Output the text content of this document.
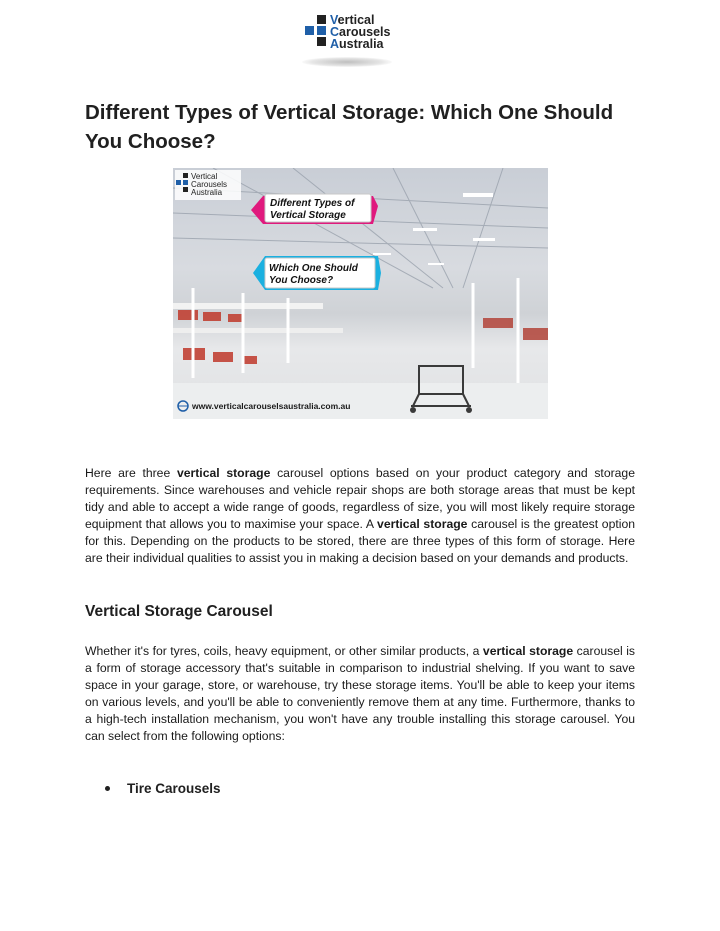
Vertical
Carousels
Australia
Different Types of Vertical Storage: Which One Should You Choose?
Vertical
Carousels
Australia
Different Types of
Vertical Storage
Which One Should
You Choose?
www.verticalcarouselsaustralia.com.au

Here are three vertical storage carousel options based on your product category and storage requirements. Since warehouses and vehicle repair shops are both storage areas that must be kept tidy and able to accept a wide range of goods, regardless of size, you will most likely require storage equipment that allows you to maximise your space. A vertical storage carousel is the greatest option for this. Depending on the products to be stored, there are three types of this form of storage. Here are their individual qualities to assist you in making a decision based on your demands and products.

Vertical Storage Carousel

Whether it's for tyres, coils, heavy equipment, or other similar products, a vertical storage carousel is a form of storage accessory that's suitable in comparison to industrial shelving. If you want to save space in your garage, store, or warehouse, try these storage items. You'll be able to keep your items on various levels, and you'll be able to conveniently remove them at any time. Furthermore, thanks to a high-tech installation mechanism, you won't have any trouble installing this storage carousel. You can select from the following options:

Tire Carousels
